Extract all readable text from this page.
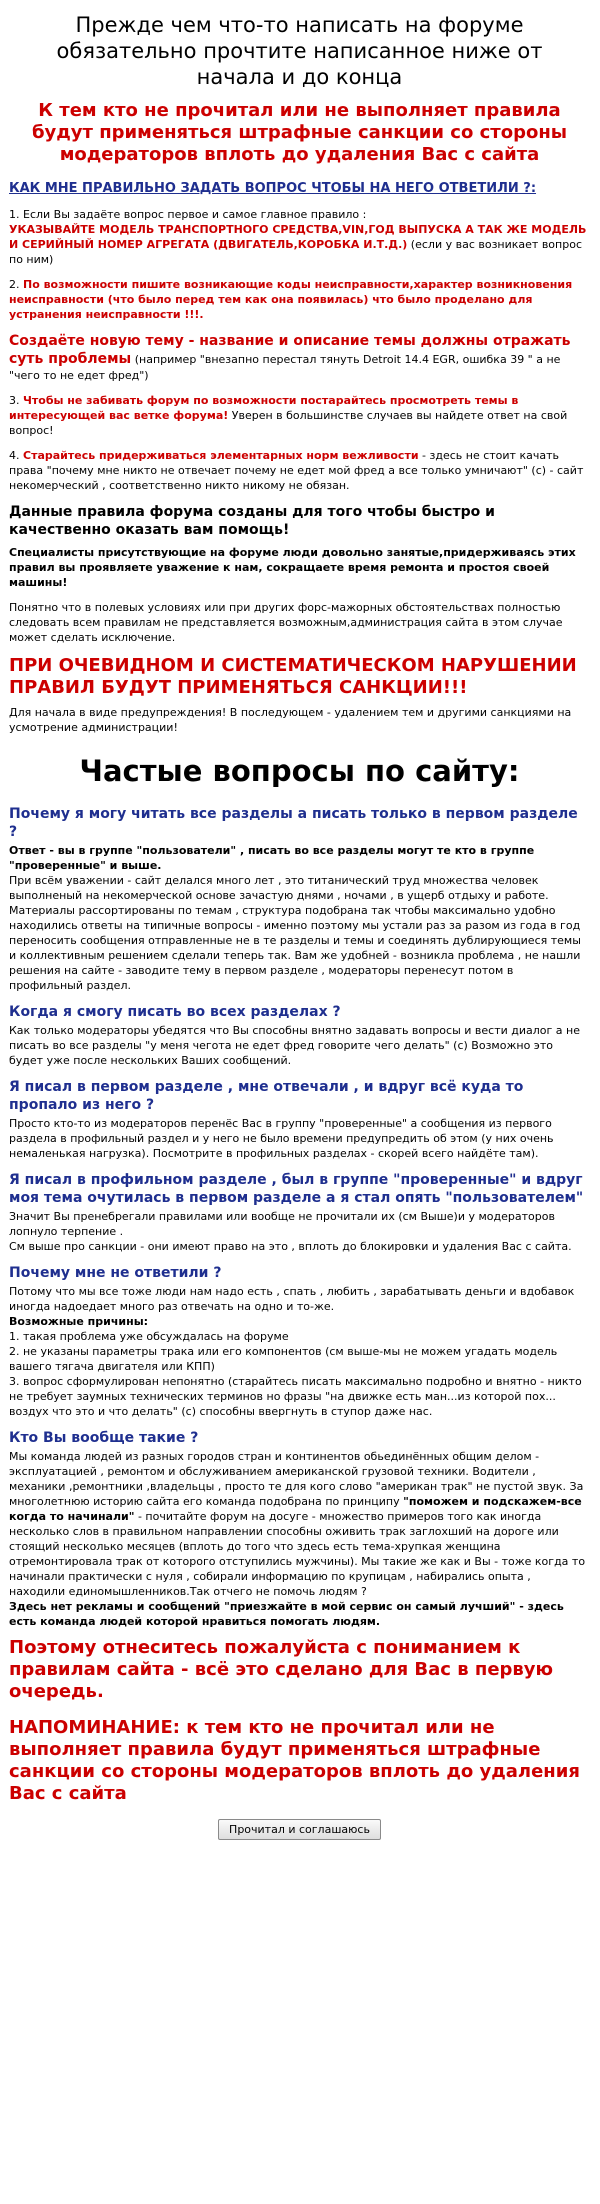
Прежде чем что-то написать на форуме обязательно прочтите написанное ниже от начала и до конца
К тем кто не прочитал или не выполняет правила будут применяться штрафные санкции со стороны модераторов вплоть до удаления Вас с сайта
КАК МНЕ ПРАВИЛЬНО ЗАДАТЬ ВОПРОС ЧТОБЫ НА НЕГО ОТВЕТИЛИ ?:

1. Если Вы задаёте вопрос первое и самое главное правило :
УКАЗЫВАЙТЕ МОДЕЛЬ ТРАНСПОРТНОГО СРЕДСТВА,VIN,ГОД ВЫПУСКА А ТАК ЖЕ МОДЕЛЬ И СЕРИЙНЫЙ НОМЕР АГРЕГАТА (ДВИГАТЕЛЬ,КОРОБКА И.Т.Д.) (если у вас возникает вопрос по ним)

2. По возможности пишите возникающие коды неисправности,характер возникновения неисправности (что было перед тем как она появилась) что было проделано для устранения неисправности !!!.

Создаёте новую тему - название и описание темы должны отражать суть проблемы (например "внезапно перестал тянуть Detroit 14.4 EGR, ошибка 39 " а не "чего то не едет фред")

3. Чтобы не забивать форум по возможности постарайтесь просмотреть темы в интересующей вас ветке форума! Уверен в большинстве случаев вы найдете ответ на свой вопрос!

4. Старайтесь придерживаться элементарных норм вежливости - здесь не стоит качать права "почему мне никто не отвечает почему не едет мой фред а все только умничают" (с) - сайт некомерческий , соответственно никто никому не обязан.

Данные правила форума созданы для того чтобы быстро и качественно оказать вам помощь!

Специалисты присутствующие на форуме люди довольно занятые,придерживаясь этих правил вы проявляете уважение к нам, сокращаете время ремонта и простоя своей машины!

Понятно что в полевых условиях или при других форс-мажорных обстоятельствах полностью следовать всем правилам не представляется возможным,администрация сайта в этом случае может сделать исключение.

ПРИ ОЧЕВИДНОМ И СИСТЕМАТИЧЕСКОМ НАРУШЕНИИ ПРАВИЛ БУДУТ ПРИМЕНЯТЬСЯ САНКЦИИ!!!

Для начала в виде предупреждения! В последующем - удалением тем и другими санкциями на усмотрение администрации!

Частые вопросы по сайту:
Почему я могу читать все разделы а писать только в первом разделе ?
Ответ - вы в группе "пользователи" , писать во все разделы могут те кто в группе "проверенные" и выше.
При всём уважении - сайт делался много лет , это титанический труд множества человек выполненый на некомерческой основе зачастую днями , ночами , в ущерб отдыху и работе. Материалы рассортированы по темам , структура подобрана так чтобы максимально удобно находились ответы на типичные вопросы - именно поэтому мы устали раз за разом из года в год переносить сообщения отправленные не в те разделы и темы и соединять дублирующиеся темы и коллективным решением сделали теперь так. Вам же удобней - возникла проблема , не нашли решения на сайте - заводите тему в первом разделе , модераторы перенесут потом в профильный раздел.
Когда я смогу писать во всех разделах ?
Как только модераторы убедятся что Вы способны внятно задавать вопросы и вести диалог а не писать во все разделы "у меня чегота не едет фред говорите чего делать" (с) Возможно это будет уже после нескольких Ваших сообщений.
Я писал в первом разделе , мне отвечали , и вдруг всё куда то пропало из него ?
Просто кто-то из модераторов перенёс Вас в группу "проверенные" а сообщения из первого раздела в профильный раздел и у него не было времени предупредить об этом (у них очень немаленькая нагрузка). Посмотрите в профильных разделах - скорей всего найдёте там).
Я писал в профильном разделе , был в группе "проверенные" и вдруг моя тема очутилась в первом разделе а я стал опять "пользователем"
Значит Вы пренебрегали правилами или вообще не прочитали их (см Выше)и у модераторов лопнуло терпение .
См выше про санкции - они имеют право на это , вплоть до блокировки и удаления Вас с сайта.
Почему мне не ответили ?
Потому что мы все тоже люди нам надо есть , спать , любить , зарабатывать деньги и вдобавок иногда надоедает много раз отвечать на одно и то-же.
Возможные причины:
1. такая проблема уже обсуждалась на форуме
2. не указаны параметры трака или его компонентов (см выше-мы не можем угадать модель вашего тягача двигателя или КПП)
3. вопрос сформулирован непонятно (старайтесь писать максимально подробно и внятно - никто не требует заумных технических терминов но фразы "на движке есть ман...из которой пох... воздух что это и что делать" (с) способны ввергнуть в ступор даже нас.
Кто Вы вообще такие ?
Мы команда людей из разных городов стран и континентов обьединённых общим делом - эксплуатацией , ремонтом и обслуживанием американской грузовой техники. Водители , механики ,ремонтники ,владельцы , просто те для кого слово "американ трак" не пустой звук. За многолетнюю историю сайта его команда подобрана по принципу "поможем и подскажем-все когда то начинали" - почитайте форум на досуге - множество примеров того как иногда несколько слов в правильном направлении способны оживить трак заглохший на дороге или стоящий несколько месяцев (вплоть до того что здесь есть тема-хрупкая женщина отремонтировала трак от которого отступились мужчины). Мы такие же как и Вы - тоже когда то начинали практически с нуля , собирали информацию по крупицам , набирались опыта , находили единомышленников.Так отчего не помочь людям ?
Здесь нет рекламы и сообщений "приезжайте в мой сервис он самый лучший" - здесь есть команда людей которой нравиться помогать людям.
Поэтому отнеситесь пожалуйста с пониманием к правилам сайта - всё это сделано для Вас в первую очередь.
НАПОМИНАНИЕ: к тем кто не прочитал или не выполняет правила будут применяться штрафные санкции со стороны модераторов вплоть до удаления Вас с сайта
Прочитал и соглашаюсь
